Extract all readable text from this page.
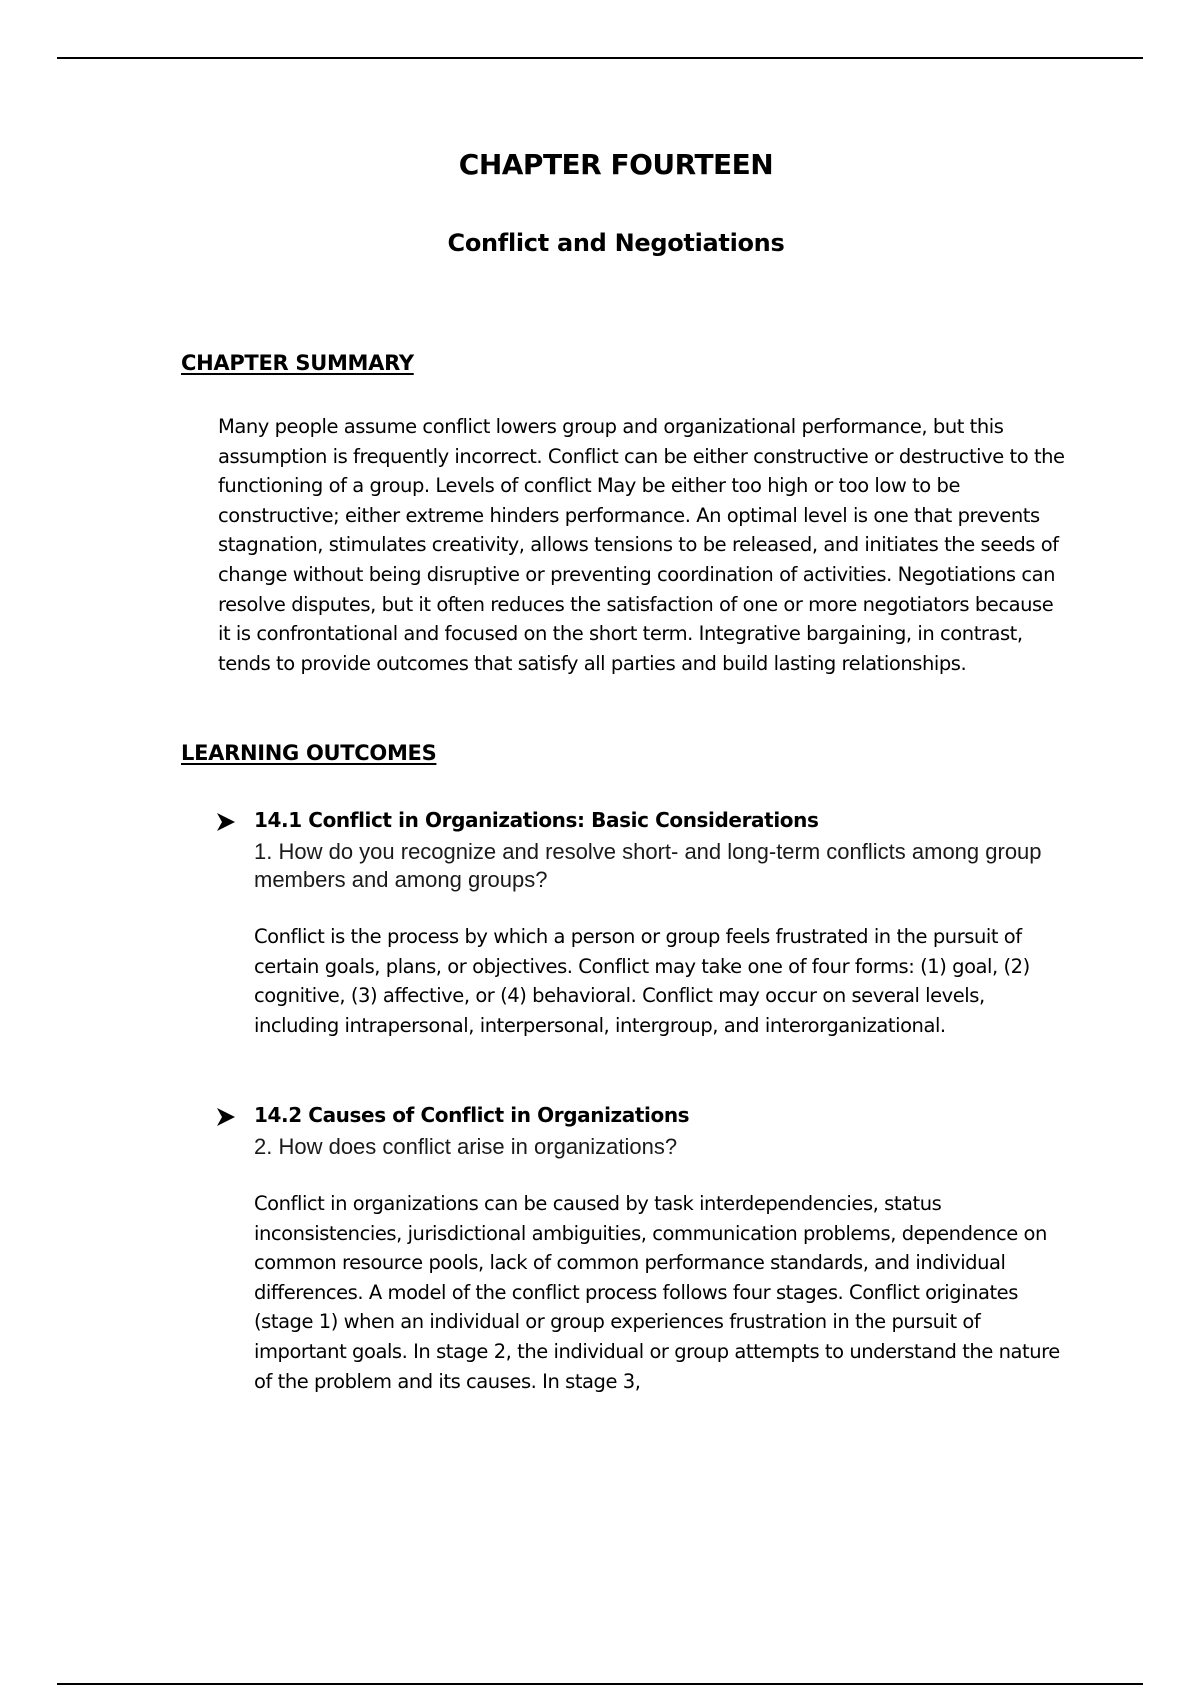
CHAPTER FOURTEEN
Conflict and Negotiations
CHAPTER SUMMARY

Many people assume conflict lowers group and organizational performance, but this assumption is frequently incorrect. Conflict can be either constructive or destructive to the functioning of a group. Levels of conflict May be either too high or too low to be constructive; either extreme hinders performance. An optimal level is one that prevents stagnation, stimulates creativity, allows tensions to be released, and initiates the seeds of change without being disruptive or preventing coordination of activities. Negotiations can resolve disputes, but it often reduces the satisfaction of one or more negotiators because it is confrontational and focused on the short term. Integrative bargaining, in contrast, tends to provide outcomes that satisfy all parties and build lasting relationships.

LEARNING OUTCOMES
14.1 Conflict in Organizations: Basic Considerations
1. How do you recognize and resolve short- and long-term conflicts among group members and among groups?

Conflict is the process by which a person or group feels frustrated in the pursuit of certain goals, plans, or objectives. Conflict may take one of four forms: (1) goal, (2) cognitive, (3) affective, or (4) behavioral. Conflict may occur on several levels, including intrapersonal, interpersonal, intergroup, and interorganizational.

14.2 Causes of Conflict in Organizations
2. How does conflict arise in organizations?

Conflict in organizations can be caused by task interdependencies, status inconsistencies, jurisdictional ambiguities, communication problems, dependence on common resource pools, lack of common performance standards, and individual differences. A model of the conflict process follows four stages. Conflict originates (stage 1) when an individual or group experiences frustration in the pursuit of important goals. In stage 2, the individual or group attempts to understand the nature of the problem and its causes. In stage 3,
